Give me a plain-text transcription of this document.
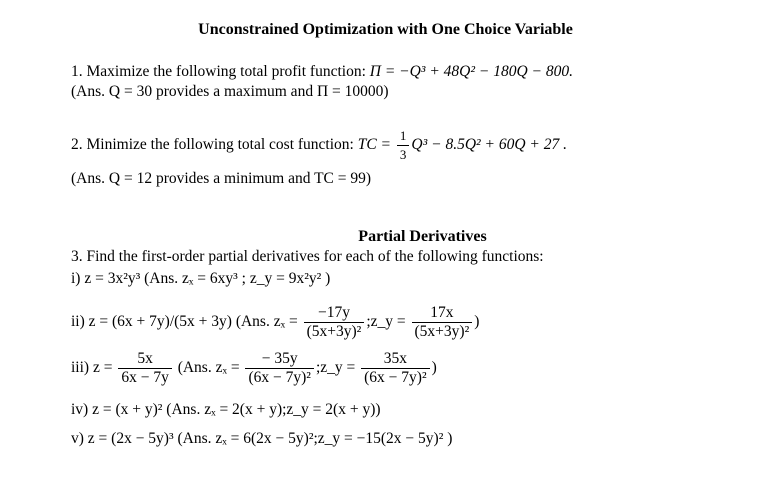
Unconstrained Optimization with One Choice Variable
1. Maximize the following total profit function: Π = −Q³ + 48Q² − 180Q − 800.
(Ans. Q = 30 provides a maximum and Π = 10000)
2. Minimize the following total cost function: TC = $\frac{1}{3} Q^3 - 8.5Q^2 + 60Q + 27$ .
(Ans. Q = 12 provides a minimum and TC = 99)
Partial Derivatives
3. Find the first-order partial derivatives for each of the following functions:
i) z = 3x²y³ (Ans. zₓ = 6xy³ ; z_y = 9x²y² )
ii) z = (6x + 7y)/(5x + 3y) (Ans. $z_x = \frac{-17y}{\text{(5x+3y)²}}$ ;z_y = $\frac{17x}{\text{(5x+3y)²}}$ )
iii) $z = \frac{5x}{6x - 7y} (Ans$. $z_x = \frac{- 35y}{\text{(6x − 7y)²}}$ ;z_y = $\frac{35x}{\text{(6x − 7y)²}}$ )
iv) z = (x + y)² (Ans. zₓ = 2(x + y);z_y = 2(x + y))
v) z = (2x − 5y)³ (Ans. zₓ = 6(2x − 5y)²;z_y = −15(2x − 5y)² )
